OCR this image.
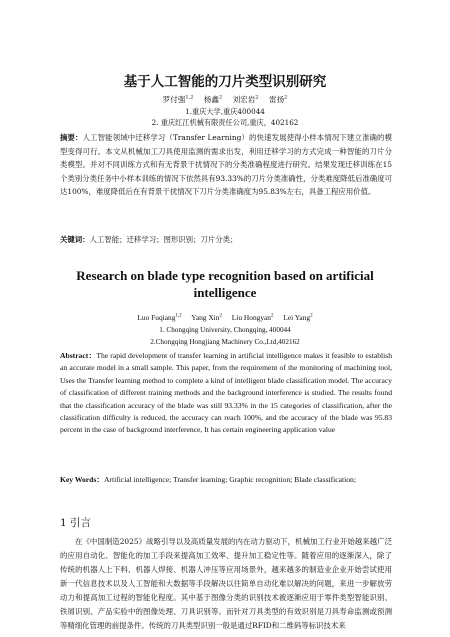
基于人工智能的刀片类型识别研究
罗付强$^{1,2}$ 杨鑫$^2$ 刘宏岩$^2$ 雷扬$^2$
1.重庆大学,重庆400044
2. 重庆红江机械有限责任公司,重庆，402162
摘要：人工智能领域中迁移学习（Transfer Learning）的快速发展使得小样本情况下建立准确的模型变得可行。本文从机械加工刀具使用监测的需求出发，利用迁移学习的方式完成一种智能的刀片分类模型。并对不同训练方式和有无背景干扰情况下的分类准确程度进行研究。结果发现迁移训练在15个类别分类任务中小样本训练的情况下依然具有93.33%的刀片分类准确性，分类难度降低后准确度可达100%，难度降低后在有背景干扰情况下刀片分类准确度为95.83%左右，具备工程应用价值。
关键词：人工智能；迁移学习；图形识别；刀片分类；
Research on blade type recognition based on artificial intelligence
Luo Fuqiang$^{1,2}$ Yang Xin$^2$ Liu Hongyan$^2$ Lei Yang$^2$
1. Chongqing University, Chongqing, 400044
2.Chongqing Hongjiang Machinery Co.,Ltd,402162
Abstract：The rapid development of transfer learning in artificial intelligence makes it feasible to establish an accurate model in a small sample. This paper, from the requirement of the monitoring of machining tool, Uses the Transfer learning method to complete a kind of intelligent blade classification model. The accuracy of classification of different training methods and the background interference is studied. The results found that the classification accuracy of the blade was still 93.33% in the 15 categories of classification, after the classification difficulty is reduced, the accuracy can reach 100%, and the accuracy of the blade was 95.83 percent in the case of background interference, It has certain engineering application value
Key Words：Artificial intelligence; Transfer learning; Graphic recognition; Blade classification;
1 引言
在《中国制造2025》战略引导以及高质量发展的内在动力驱动下，机械加工行业开始越来越广泛的应用自动化、智能化的加工手段来提高加工效率、提升加工稳定性等。随着应用的逐渐深入，除了传统的机器人上下料、机器人焊接、机器人冲压等应用场景外，越来越多的制造业企业开始尝试使用新一代信息技术以及人工智能和大数据等手段解决以往简单自动化难以解决的问题，来进一步解放劳动力和提高加工过程的智能化程度。其中基于图像分类的识别技术被逐渐应用于零件类型智能识别、铁屑识别、产品实验中的图像处理、刀具识别等。而针对刀具类型的有效识别是刀具寿命监测或预测等精细化管理的前提条件。传统的刀具类型识别一般是通过RFID和二维码等标识技术来
